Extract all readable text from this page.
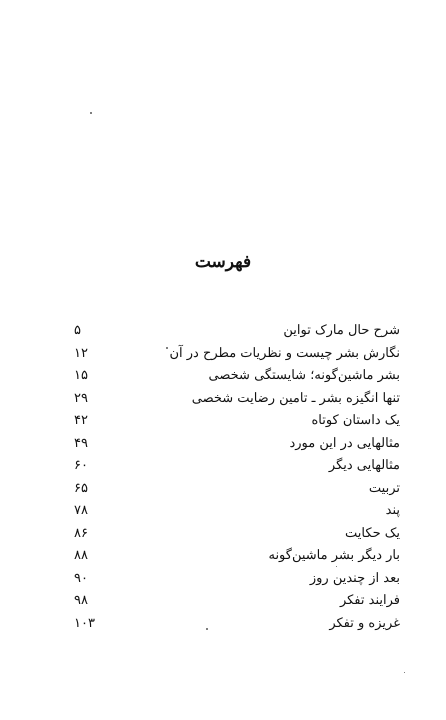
فهرست
شرح حال مارک تواین
۵
نگارش بشر چیست و نظریات مطرح در آن
۱۲
بشر ماشین‌گونه؛ شایستگی شخصی
۱۵
تنها انگیزه بشر ـ تامین رضایت شخصی
۲۹
یک داستان کوتاه
۴۲
مثالهایی در این مورد
۴۹
مثالهایی دیگر
۶۰
تربیت
۶۵
پند
۷۸
یک حکایت
۸۶
بار دیگر بشر ماشین‌گونه
۸۸
بعد از چندین روز
۹۰
فرایند تفکر
۹۸
غریزه و تفکر
۱۰۳
